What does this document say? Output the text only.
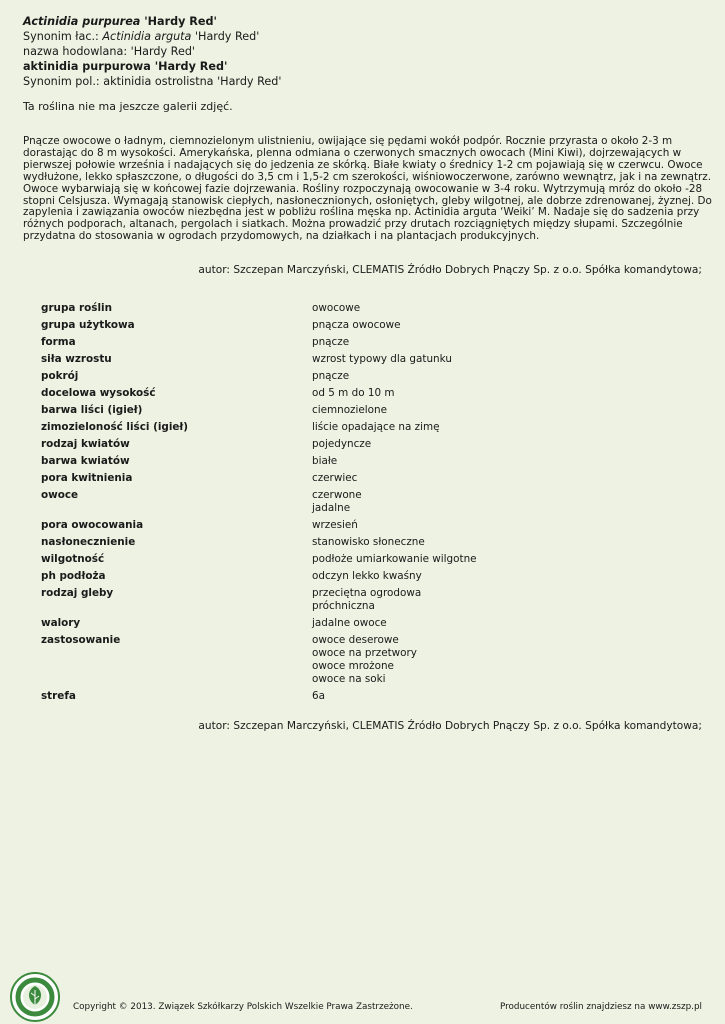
Actinidia purpurea 'Hardy Red'
Synonim łac.: Actinidia arguta 'Hardy Red'
nazwa hodowlana: 'Hardy Red'
aktinidia purpurowa 'Hardy Red'
Synonim pol.: aktinidia ostrolistna 'Hardy Red'
Ta roślina nie ma jeszcze galerii zdjęć.
Pnącze owocowe o ładnym, ciemnozielonym ulistnieniu, owijające się pędami wokół podpór. Rocznie przyrasta o około 2-3 m dorastając do 8 m wysokości. Amerykańska, plenna odmiana o czerwonych smacznych owocach (Mini Kiwi), dojrzewających w pierwszej połowie września i nadających się do jedzenia ze skórką. Białe kwiaty o średnicy 1-2 cm pojawiają się w czerwcu. Owoce wydłużone, lekko spłaszczone, o długości do 3,5 cm i 1,5-2 cm szerokości, wiśniowoczerwone, zarówno wewnątrz, jak i na zewnątrz. Owoce wybarwiają się w końcowej fazie dojrzewania. Rośliny rozpoczynają owocowanie w 3-4 roku. Wytrzymują mróz do około -28 stopni Celsjusza. Wymagają stanowisk ciepłych, nasłonecznionych, osłoniętych, gleby wilgotnej, ale dobrze zdrenowanej, żyznej. Do zapylenia i zawiązania owoców niezbędna jest w pobliżu roślina męska np. Actinidia arguta ‘Weiki’ M. Nadaje się do sadzenia przy różnych podporach, altanach, pergolach i siatkach. Można prowadzić przy drutach rozciągniętych między słupami. Szczególnie przydatna do stosowania w ogrodach przydomowych, na działkach i na plantacjach produkcyjnych.
autor: Szczepan Marczyński, CLEMATIS Źródło Dobrych Pnączy Sp. z o.o. Spółka komandytowa;
grupa roślin	owocowe
grupa użytkowa	pnącza owocowe
forma	pnącze
siła wzrostu	wzrost typowy dla gatunku
pokrój	pnącze
docelowa wysokość	od 5 m do 10 m
barwa liści (igieł)	ciemnozielone
zimozieloność liści (igieł)	liście opadające na zimę
rodzaj kwiatów	pojedyncze
barwa kwiatów	białe
pora kwitnienia	czerwiec
owoce	czerwone
jadalne
pora owocowania	wrzesień
nasłonecznienie	stanowisko słoneczne
wilgotność	podłoże umiarkowanie wilgotne
ph podłoża	odczyn lekko kwaśny
rodzaj gleby	przeciętna ogrodowa
próchniczna
walory	jadalne owoce
zastosowanie	owoce deserowe
owoce na przetwory
owoce mrożone
owoce na soki
strefa	6a
autor: Szczepan Marczyński, CLEMATIS Źródło Dobrych Pnączy Sp. z o.o. Spółka komandytowa;
Copyright © 2013. Związek Szkółkarzy Polskich Wszelkie Prawa Zastrzeżone.	Producentów roślin znajdziesz na www.zszp.pl
